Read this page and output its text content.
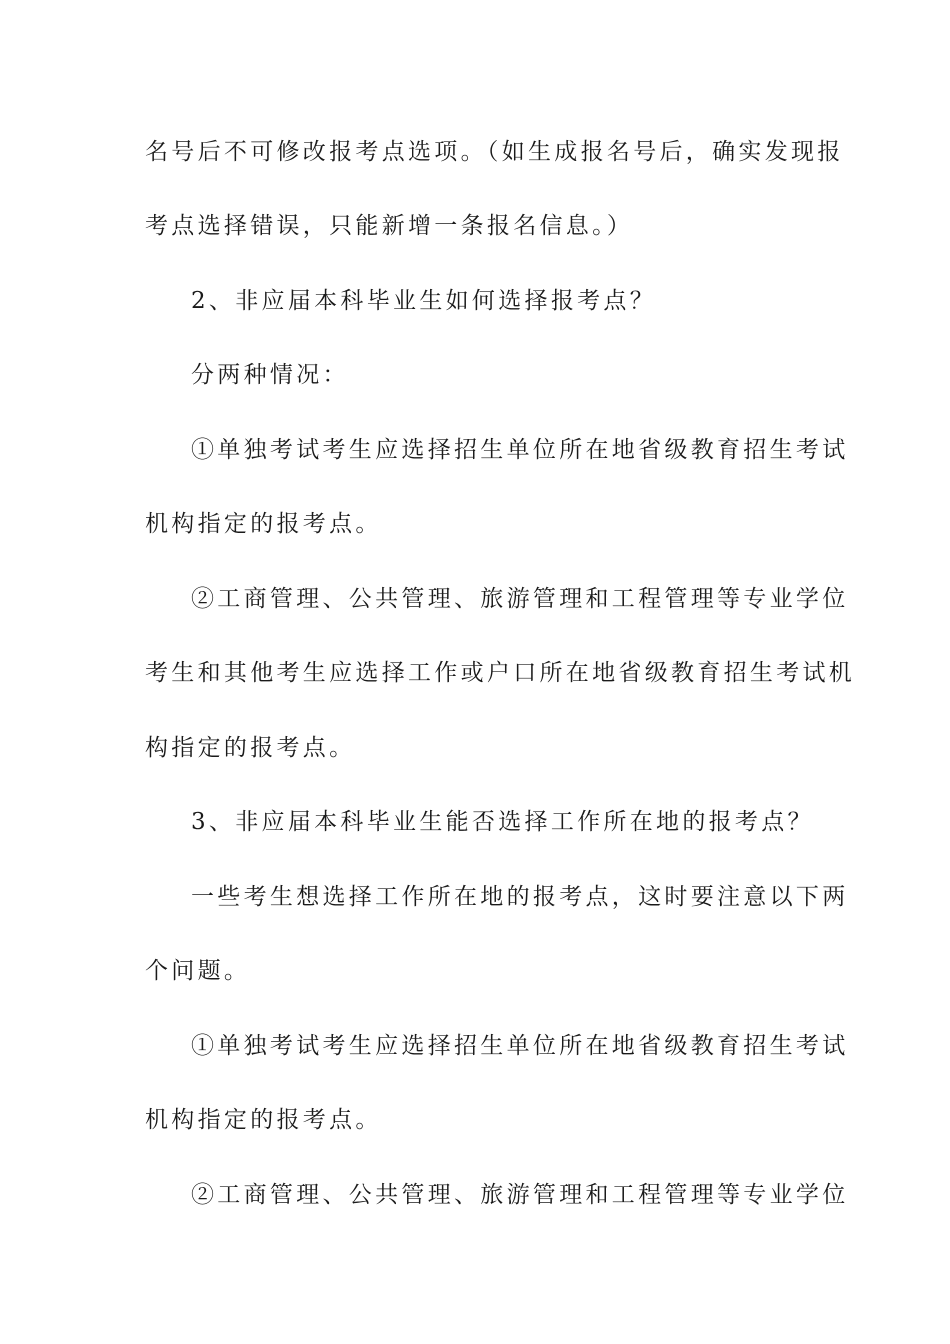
名号后不可修改报考点选项。（如生成报名号后，确实发现报

考点选择错误，只能新增一条报名信息。）

2、非应届本科毕业生如何选择报考点？

分两种情况：

①单独考试考生应选择招生单位所在地省级教育招生考试

机构指定的报考点。

②工商管理、公共管理、旅游管理和工程管理等专业学位

考生和其他考生应选择工作或户口所在地省级教育招生考试机

构指定的报考点。

3、非应届本科毕业生能否选择工作所在地的报考点？

一些考生想选择工作所在地的报考点，这时要注意以下两

个问题。

①单独考试考生应选择招生单位所在地省级教育招生考试

机构指定的报考点。

②工商管理、公共管理、旅游管理和工程管理等专业学位
